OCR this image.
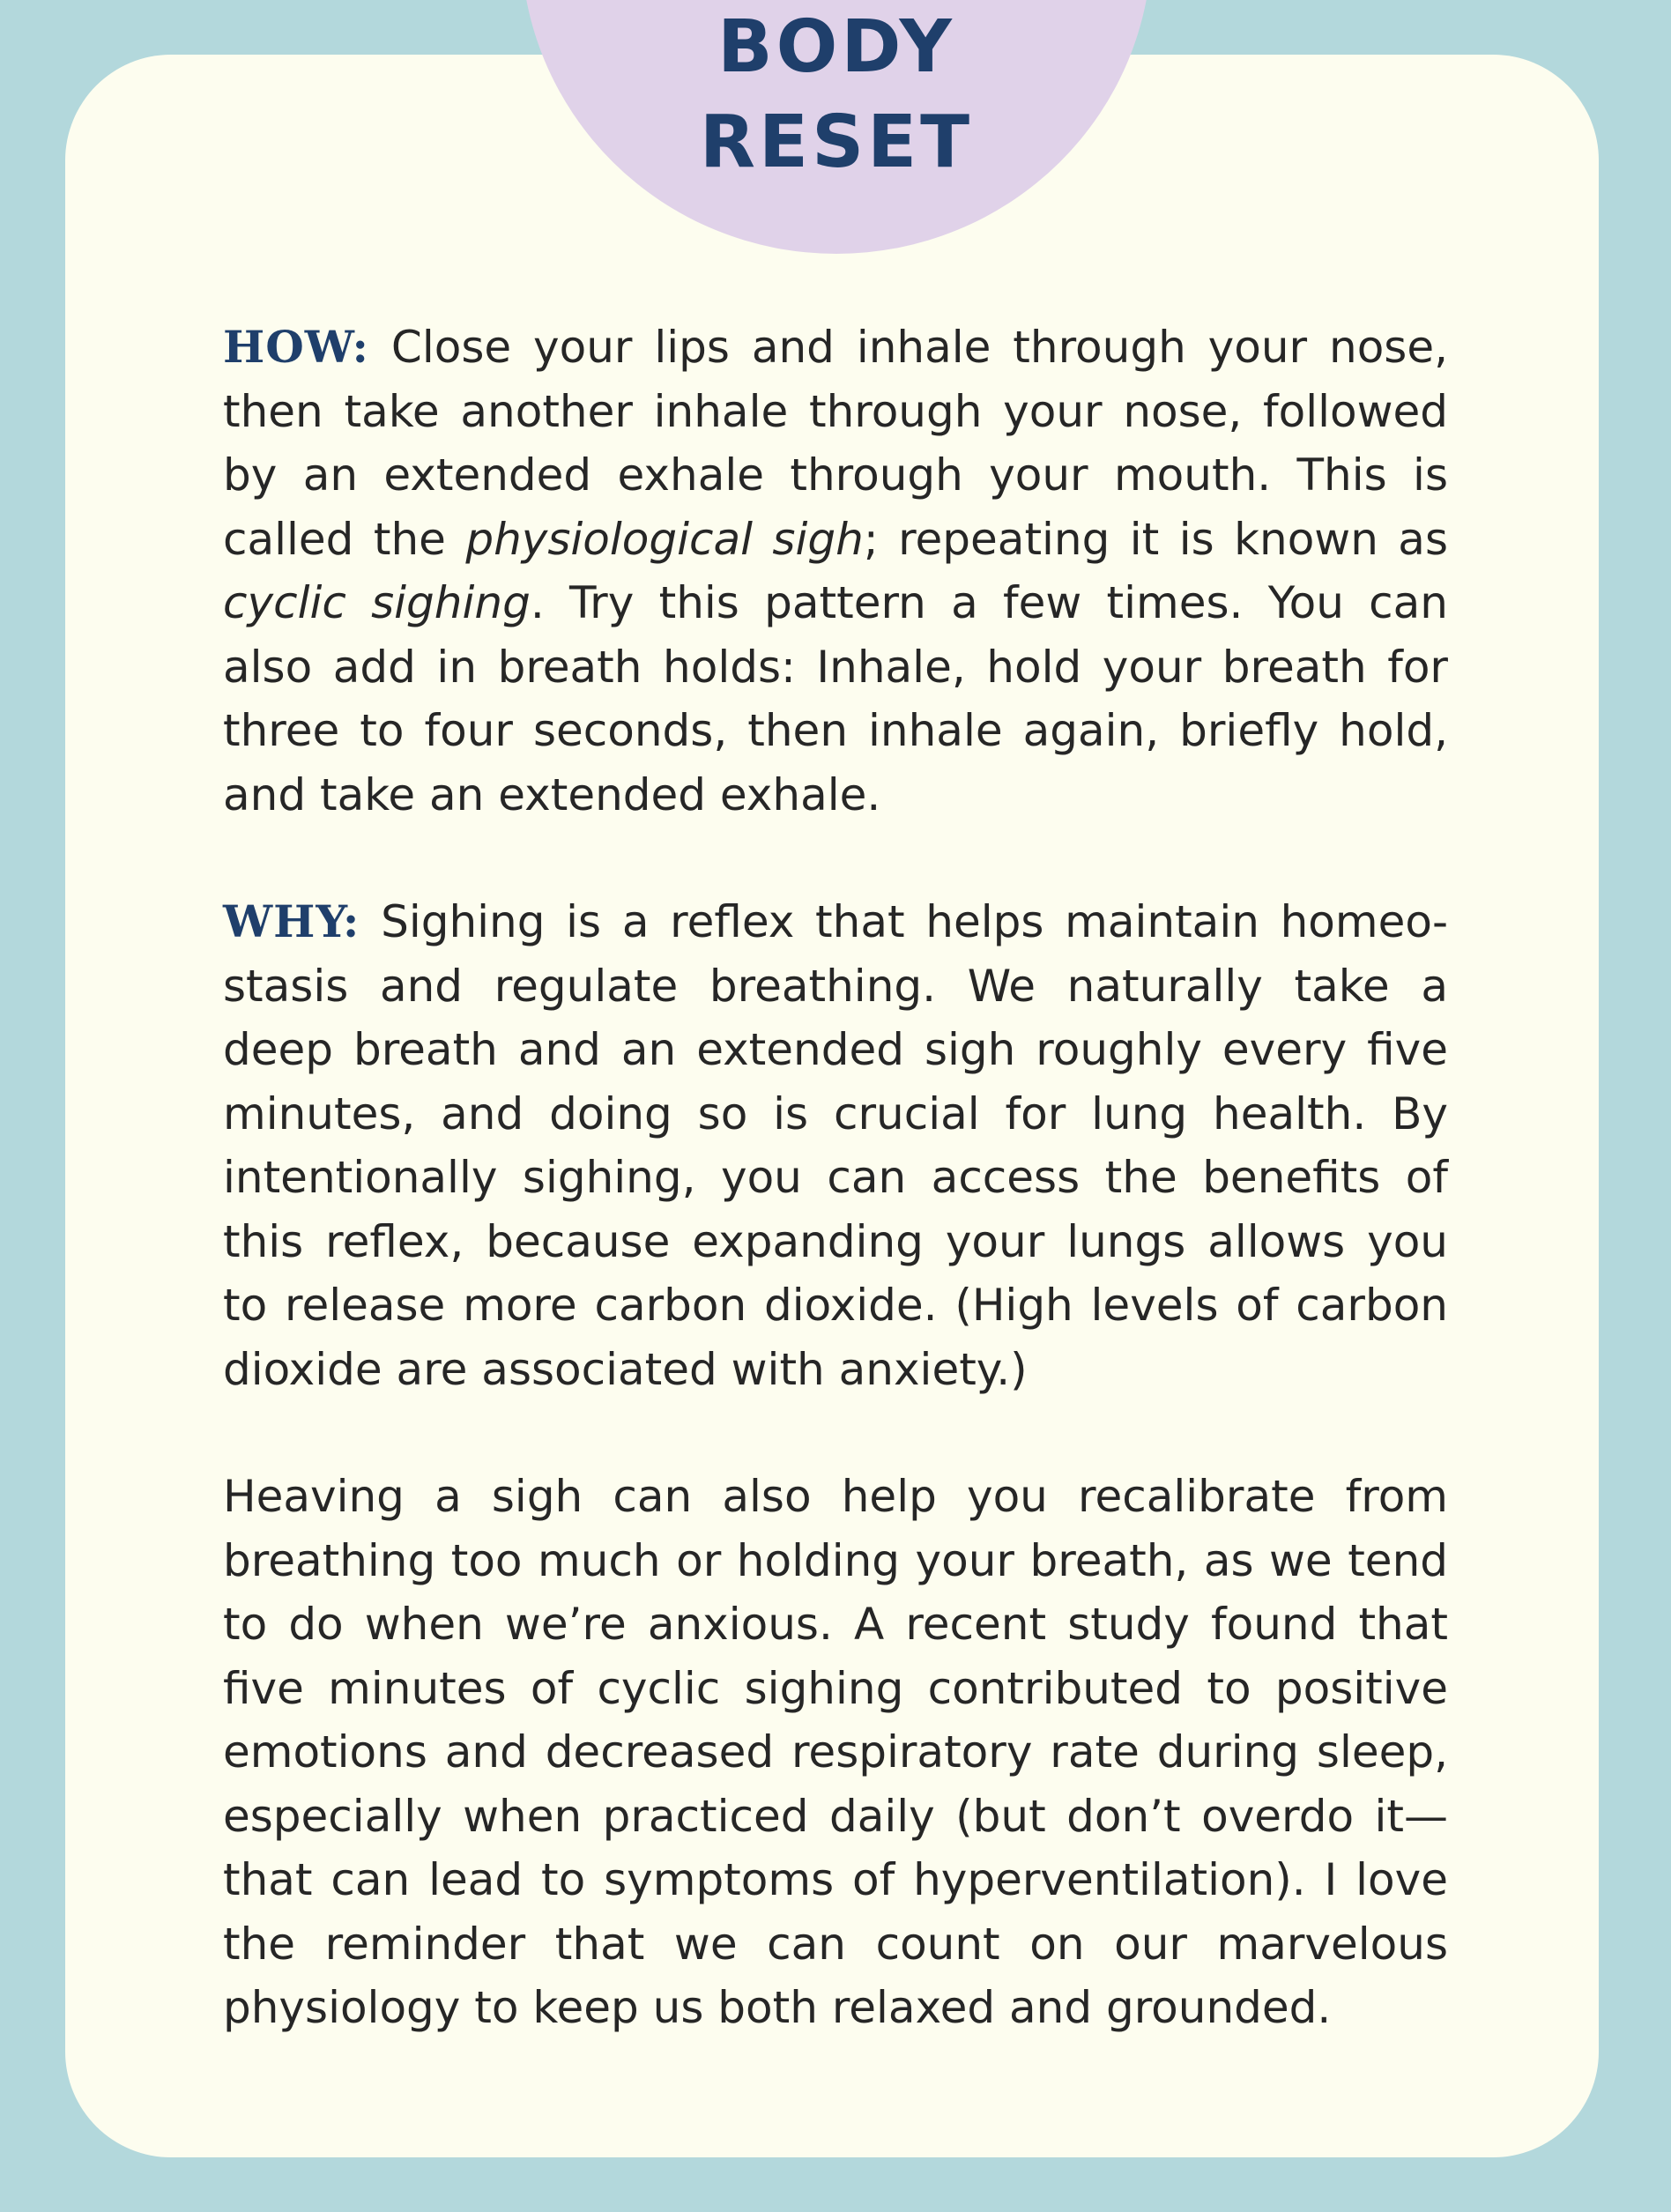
BODY
RESET

HOW: Close your lips and inhale through your nose, then take another inhale through your nose, followed by an extended exhale through your mouth. This is called the physiological sigh; repeating it is known as cyclic sighing. Try this pattern a few times. You can also add in breath holds: Inhale, hold your breath for three to four seconds, then inhale again, briefly hold, and take an extended exhale.

WHY: Sighing is a reflex that helps maintain homeostasis and regulate breathing. We naturally take a deep breath and an extended sigh roughly every five minutes, and doing so is crucial for lung health. By intentionally sighing, you can access the benefits of this reflex, because expanding your lungs allows you to release more carbon dioxide. (High levels of carbon dioxide are associated with anxiety.)

Heaving a sigh can also help you recalibrate from breathing too much or holding your breath, as we tend to do when we’re anxious. A recent study found that five minutes of cyclic sighing contributed to positive emotions and decreased respiratory rate during sleep, especially when practiced daily (but don’t overdo it—that can lead to symptoms of hyperventilation). I love the reminder that we can count on our marvelous physiology to keep us both relaxed and grounded.
